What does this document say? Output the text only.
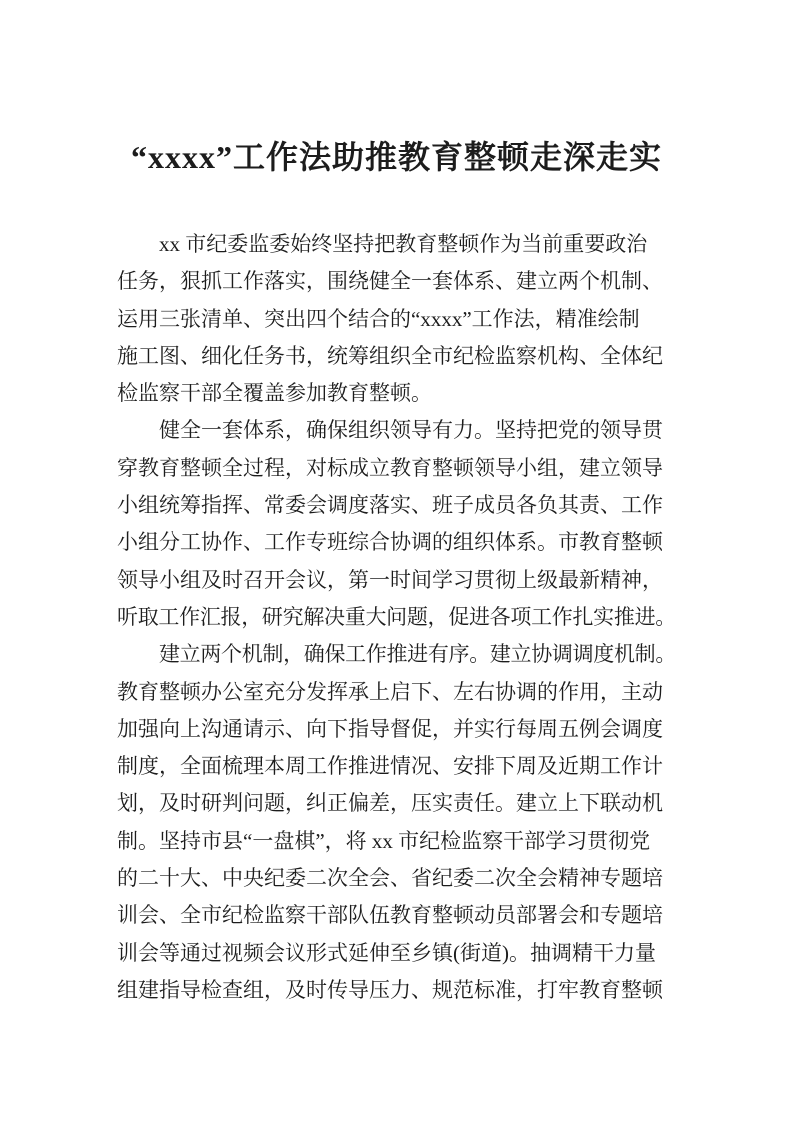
“xxxx”工作法助推教育整顿走深走实
xx 市纪委监委始终坚持把教育整顿作为当前重要政治
任务，狠抓工作落实，围绕健全一套体系、建立两个机制、
运用三张清单、突出四个结合的“xxxx”工作法，精准绘制
施工图、细化任务书，统筹组织全市纪检监察机构、全体纪
检监察干部全覆盖参加教育整顿。
健全一套体系，确保组织领导有力。坚持把党的领导贯
穿教育整顿全过程，对标成立教育整顿领导小组，建立领导
小组统筹指挥、常委会调度落实、班子成员各负其责、工作
小组分工协作、工作专班综合协调的组织体系。市教育整顿
领导小组及时召开会议，第一时间学习贯彻上级最新精神，
听取工作汇报，研究解决重大问题，促进各项工作扎实推进。
建立两个机制，确保工作推进有序。建立协调调度机制。
教育整顿办公室充分发挥承上启下、左右协调的作用，主动
加强向上沟通请示、向下指导督促，并实行每周五例会调度
制度，全面梳理本周工作推进情况、安排下周及近期工作计
划，及时研判问题，纠正偏差，压实责任。建立上下联动机
制。坚持市县“一盘棋”，将 xx 市纪检监察干部学习贯彻党
的二十大、中央纪委二次全会、省纪委二次全会精神专题培
训会、全市纪检监察干部队伍教育整顿动员部署会和专题培
训会等通过视频会议形式延伸至乡镇(街道)。抽调精干力量
组建指导检查组，及时传导压力、规范标准，打牢教育整顿
